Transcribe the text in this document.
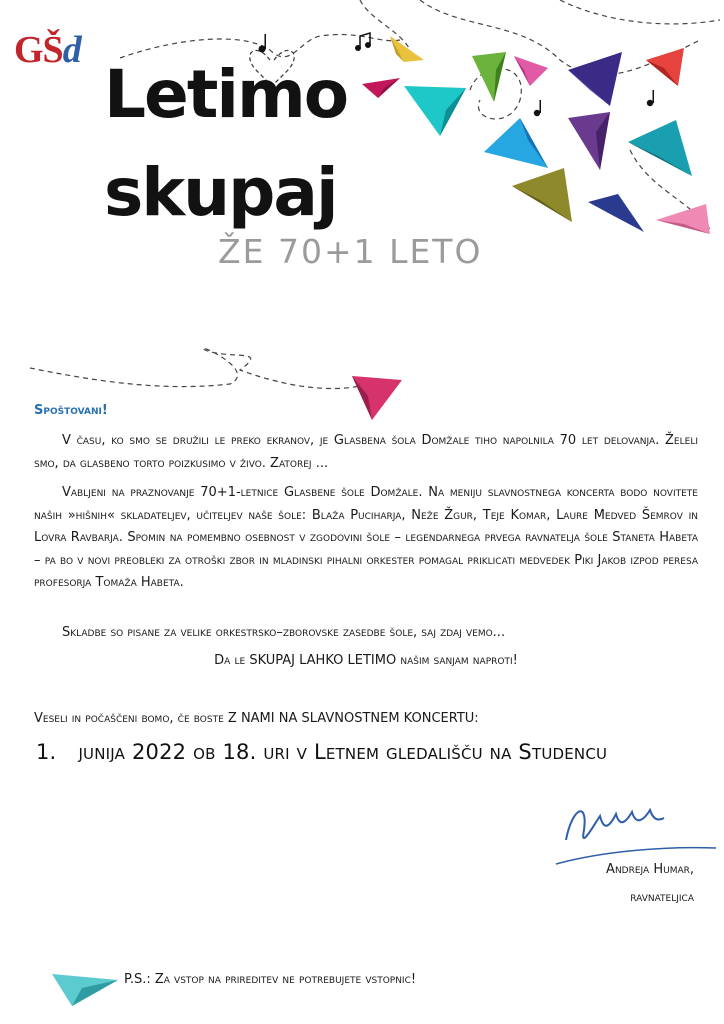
GŠd
Letimo
skupaj
ŽE 70+1 LETO
Spoštovani!
V času, ko smo se družili le preko ekranov, je Glasbena šola Domžale tiho napolnila 70 let delovanja. Želeli smo, da glasbeno torto poizkusimo v živo. Zatorej ...
Vabljeni na praznovanje 70+1-letnice Glasbene šole Domžale. Na meniju slavnostnega koncerta bodo novitete naših »hišnih« skladateljev, učiteljev naše šole: Blaža Puciharja, Neže Žgur, Teje Komar, Laure Medved Šemrov in Lovra Ravbarja. Spomin na pomembno osebnost v zgodovini šole – legendarnega prvega ravnatelja šole Staneta Habeta – pa bo v novi preobleki za otroški zbor in mladinski pihalni orkester pomagal priklicati medvedek Piki Jakob izpod peresa profesorja Tomaža Habeta.
Skladbe so pisane za velike orkestrsko–zborovske zasedbe šole, saj zdaj vemo...
Da le SKUPAJ LAHKO LETIMO našim sanjam naproti!
Veseli in počaščeni bomo, če boste Z NAMI NA SLAVNOSTNEM KONCERTU:
1. junija 2022 ob 18. uri v Letnem gledališču na Studencu
Andreja Humar,
ravnateljica
P.S.: Za vstop na prireditev ne potrebujete vstopnic!
